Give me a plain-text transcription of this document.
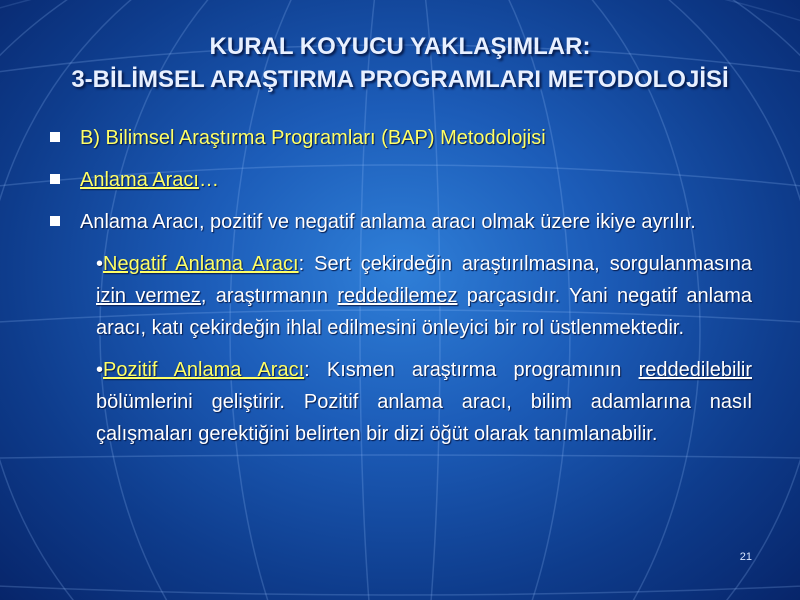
KURAL KOYUCU YAKLAŞIMLAR:
3-BİLİMSEL ARAŞTIRMA PROGRAMLARI METODOLOJİSİ
B) Bilimsel Araştırma Programları (BAP) Metodolojisi
Anlama Aracı…
Anlama Aracı, pozitif ve negatif anlama aracı olmak üzere ikiye ayrılır.
•Negatif Anlama Aracı: Sert çekirdeğin araştırılmasına, sorgulanmasına izin vermez, araştırmanın reddedilemez parçasıdır. Yani negatif anlama aracı, katı çekirdeğin ihlal edilmesini önleyici bir rol üstlenmektedir.
•Pozitif Anlama Aracı: Kısmen araştırma programının reddedilebilir bölümlerini geliştirir. Pozitif anlama aracı, bilim adamlarına nasıl çalışmaları gerektiğini belirten bir dizi öğüt olarak tanımlanabilir.
21
